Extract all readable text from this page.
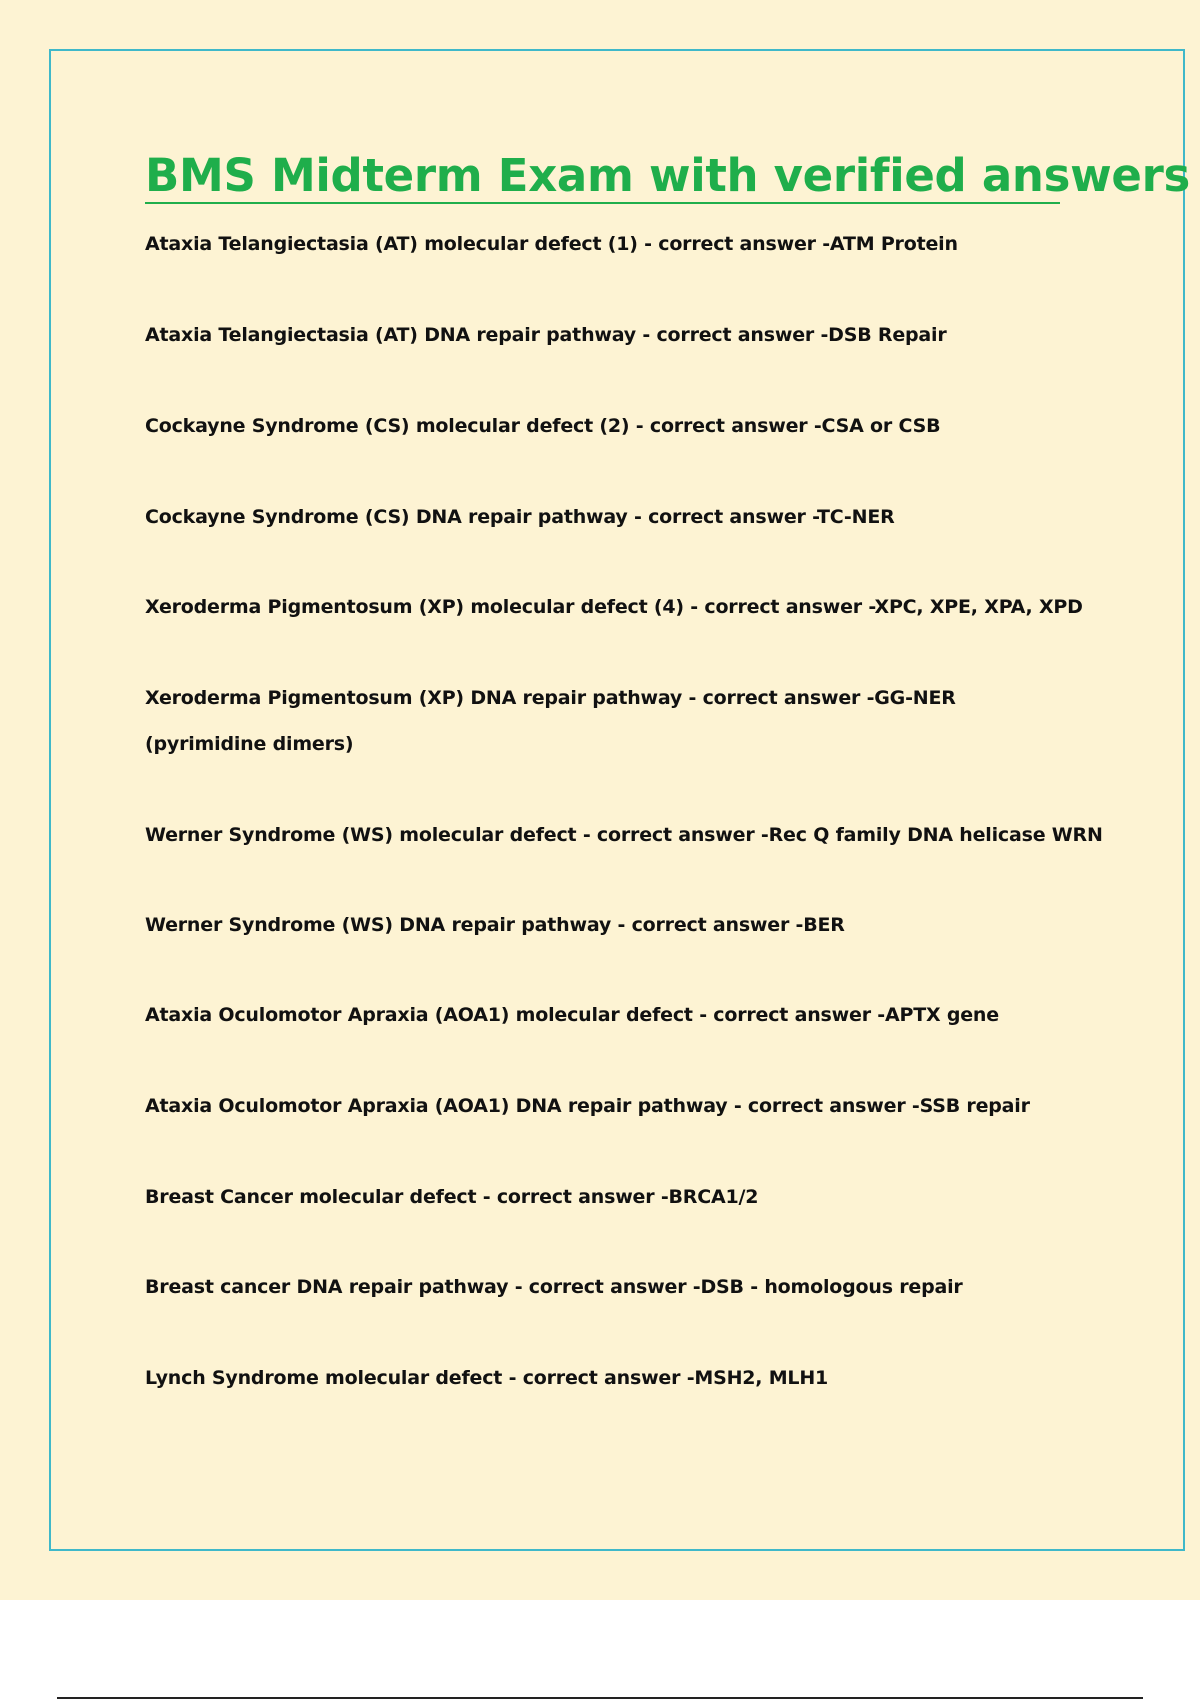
BMS Midterm Exam with verified answers
Ataxia Telangiectasia (AT) molecular defect (1) - correct answer -ATM Protein
Ataxia Telangiectasia (AT) DNA repair pathway - correct answer -DSB Repair
Cockayne Syndrome (CS) molecular defect (2) - correct answer -CSA or CSB
Cockayne Syndrome (CS) DNA repair pathway - correct answer -TC-NER
Xeroderma Pigmentosum (XP) molecular defect (4) - correct answer -XPC, XPE, XPA, XPD
Xeroderma Pigmentosum (XP) DNA repair pathway - correct answer -GG-NER
(pyrimidine dimers)
Werner Syndrome (WS) molecular defect - correct answer -Rec Q family DNA helicase WRN
Werner Syndrome (WS) DNA repair pathway - correct answer -BER
Ataxia Oculomotor Apraxia (AOA1) molecular defect - correct answer -APTX gene
Ataxia Oculomotor Apraxia (AOA1) DNA repair pathway - correct answer -SSB repair
Breast Cancer molecular defect - correct answer -BRCA1/2
Breast cancer DNA repair pathway - correct answer -DSB - homologous repair
Lynch Syndrome molecular defect - correct answer -MSH2, MLH1
